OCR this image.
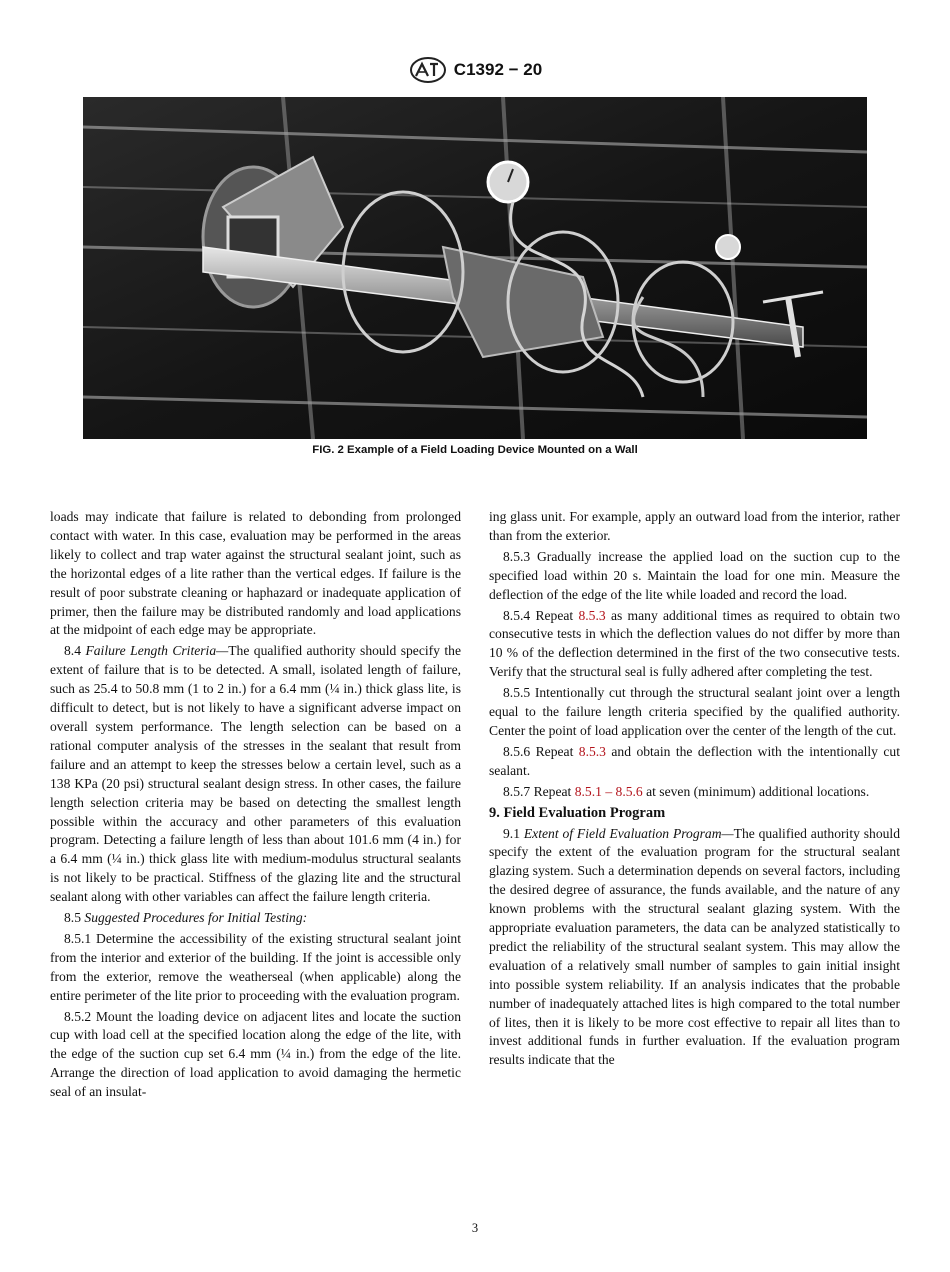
C1392 − 20
FIG. 2 Example of a Field Loading Device Mounted on a Wall

loads may indicate that failure is related to debonding from prolonged contact with water. In this case, evaluation may be performed in the areas likely to collect and trap water against the structural sealant joint, such as the horizontal edges of a lite rather than the vertical edges. If failure is the result of poor substrate cleaning or haphazard or inadequate application of primer, then the failure may be distributed randomly and load applications at the midpoint of each edge may be appropriate.

8.4 Failure Length Criteria—The qualified authority should specify the extent of failure that is to be detected. A small, isolated length of failure, such as 25.4 to 50.8 mm (1 to 2 in.) for a 6.4 mm (¼ in.) thick glass lite, is difficult to detect, but is not likely to have a significant adverse impact on overall system performance. The length selection can be based on a rational computer analysis of the stresses in the sealant that result from failure and an attempt to keep the stresses below a certain level, such as a 138 KPa (20 psi) structural sealant design stress. In other cases, the failure length selection criteria may be based on detecting the smallest length possible within the accuracy and other parameters of this evaluation program. Detecting a failure length of less than about 101.6 mm (4 in.) for a 6.4 mm (¼ in.) thick glass lite with medium-modulus structural sealants is not likely to be practical. Stiffness of the glazing lite and the structural sealant along with other variables can affect the failure length criteria.

8.5 Suggested Procedures for Initial Testing:

8.5.1 Determine the accessibility of the existing structural sealant joint from the interior and exterior of the building. If the joint is accessible only from the exterior, remove the weatherseal (when applicable) along the entire perimeter of the lite prior to proceeding with the evaluation program.

8.5.2 Mount the loading device on adjacent lites and locate the suction cup with load cell at the specified location along the edge of the lite, with the edge of the suction cup set 6.4 mm (¼ in.) from the edge of the lite. Arrange the direction of load application to avoid damaging the hermetic seal of an insulat-

ing glass unit. For example, apply an outward load from the interior, rather than from the exterior.

8.5.3 Gradually increase the applied load on the suction cup to the specified load within 20 s. Maintain the load for one min. Measure the deflection of the edge of the lite while loaded and record the load.

8.5.4 Repeat 8.5.3 as many additional times as required to obtain two consecutive tests in which the deflection values do not differ by more than 10 % of the deflection determined in the first of the two consecutive tests. Verify that the structural seal is fully adhered after completing the test.

8.5.5 Intentionally cut through the structural sealant joint over a length equal to the failure length criteria specified by the qualified authority. Center the point of load application over the center of the length of the cut.

8.5.6 Repeat 8.5.3 and obtain the deflection with the intentionally cut sealant.

8.5.7 Repeat 8.5.1 – 8.5.6 at seven (minimum) additional locations.

9. Field Evaluation Program

9.1 Extent of Field Evaluation Program—The qualified authority should specify the extent of the evaluation program for the structural sealant glazing system. Such a determination depends on several factors, including the desired degree of assurance, the funds available, and the nature of any known problems with the structural sealant glazing system. With the appropriate evaluation parameters, the data can be analyzed statistically to predict the reliability of the structural sealant system. This may allow the evaluation of a relatively small number of samples to gain initial insight into possible system reliability. If an analysis indicates that the probable number of inadequately attached lites is high compared to the total number of lites, then it is likely to be more cost effective to repair all lites than to invest additional funds in further evaluation. If the evaluation program results indicate that the

3
